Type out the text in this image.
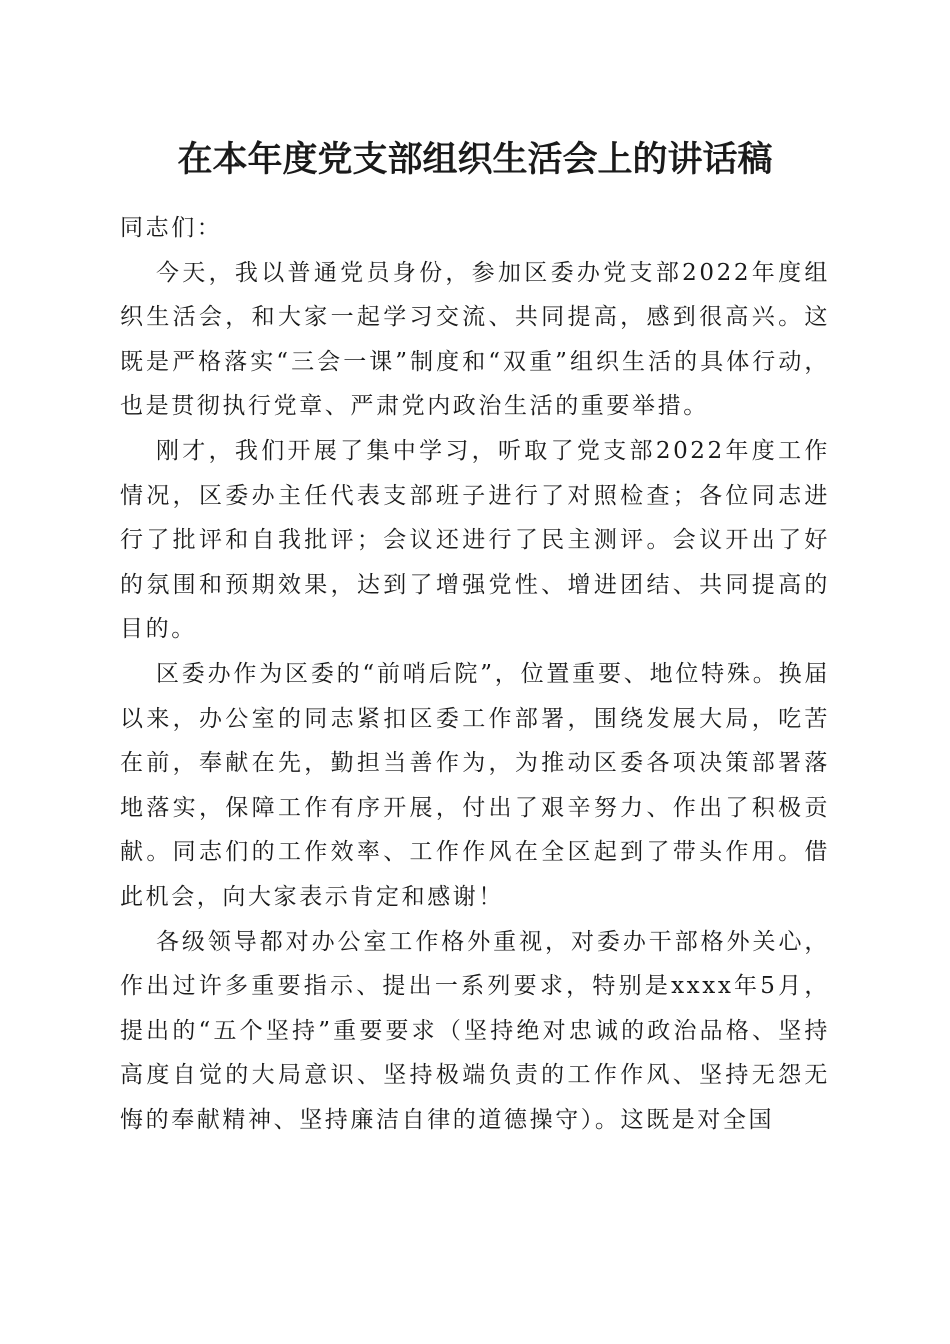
在本年度党支部组织生活会上的讲话稿

同志们：

今天，我以普通党员身份，参加区委办党支部2022年度组织生活会，和大家一起学习交流、共同提高，感到很高兴。这既是严格落实“三会一课”制度和“双重”组织生活的具体行动，也是贯彻执行党章、严肃党内政治生活的重要举措。

刚才，我们开展了集中学习，听取了党支部2022年度工作情况，区委办主任代表支部班子进行了对照检查；各位同志进行了批评和自我批评；会议还进行了民主测评。会议开出了好的氛围和预期效果，达到了增强党性、增进团结、共同提高的目的。

区委办作为区委的“前哨后院”，位置重要、地位特殊。换届以来，办公室的同志紧扣区委工作部署，围绕发展大局，吃苦在前，奉献在先，勤担当善作为，为推动区委各项决策部署落地落实，保障工作有序开展，付出了艰辛努力、作出了积极贡献。同志们的工作效率、工作作风在全区起到了带头作用。借此机会，向大家表示肯定和感谢！

各级领导都对办公室工作格外重视，对委办干部格外关心，作出过许多重要指示、提出一系列要求，特别是xxxx年5月，提出的“五个坚持”重要要求（坚持绝对忠诚的政治品格、坚持高度自觉的大局意识、坚持极端负责的工作作风、坚持无怨无悔的奉献精神、坚持廉洁自律的道德操守）。这既是对全国
